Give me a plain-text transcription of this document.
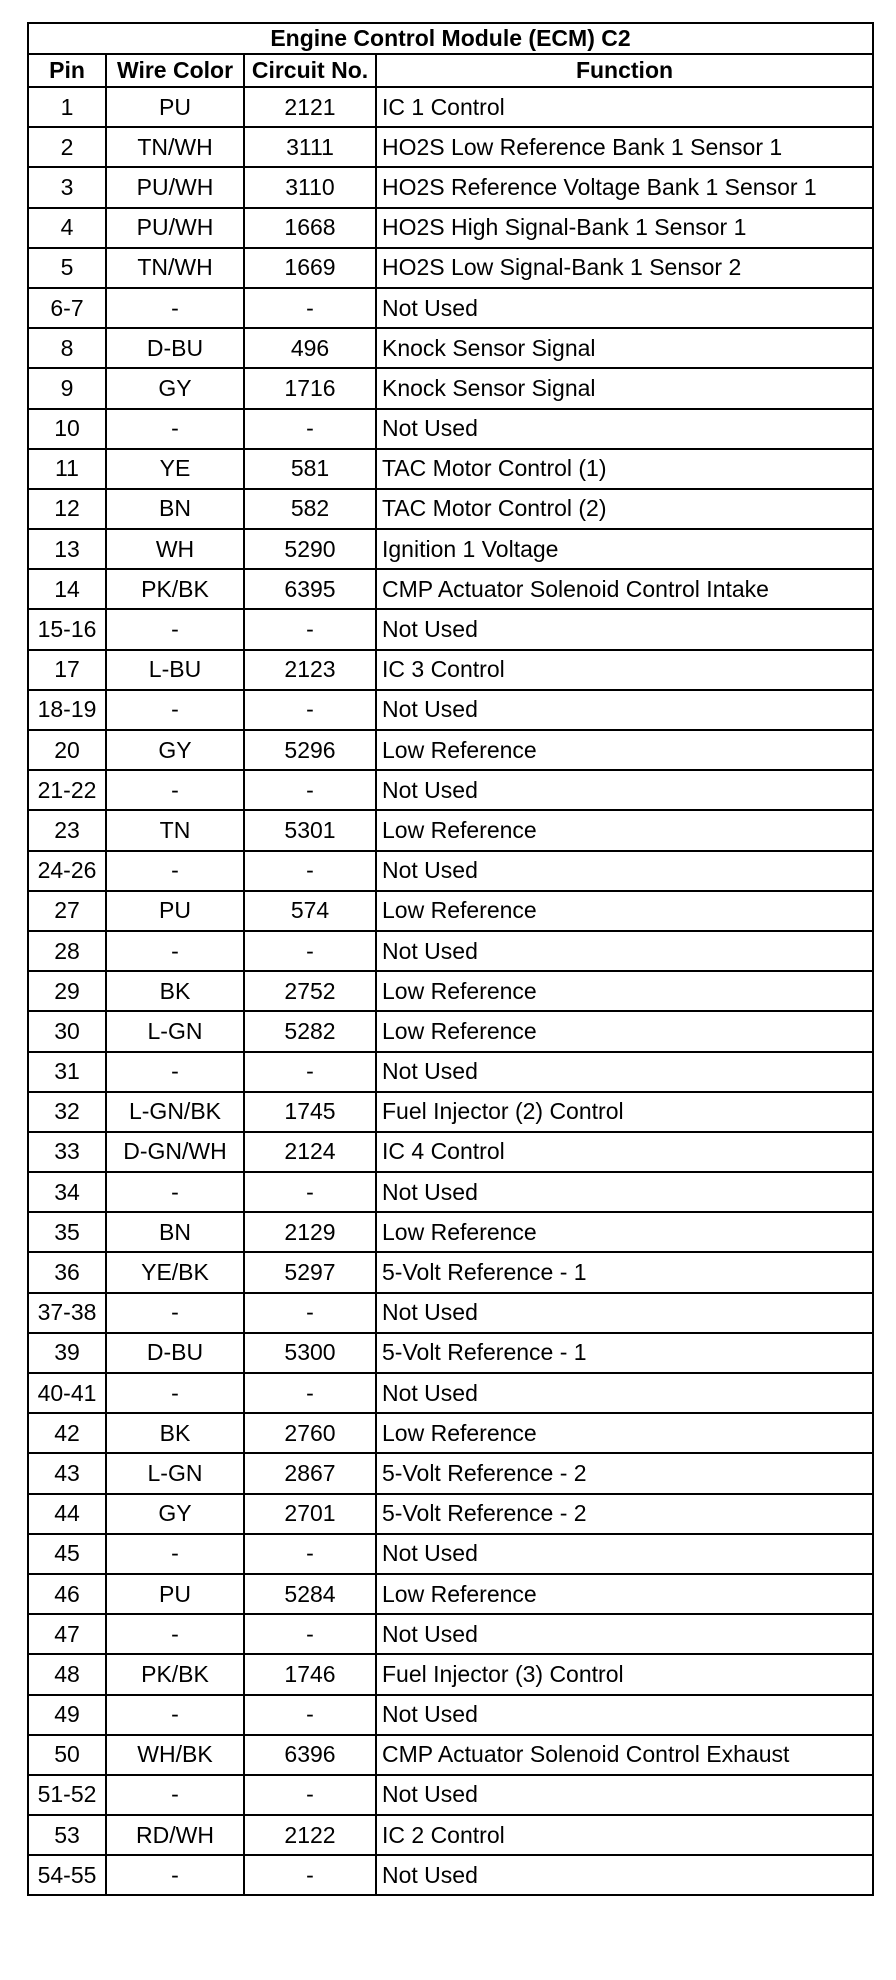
Engine Control Module (ECM) C2			
Pin	Wire Color	Circuit No.	Function
1	PU	2121	IC 1 Control
2	TN/WH	3111	HO2S Low Reference Bank 1 Sensor 1
3	PU/WH	3110	HO2S Reference Voltage Bank 1 Sensor 1
4	PU/WH	1668	HO2S High Signal-Bank 1 Sensor 1
5	TN/WH	1669	HO2S Low Signal-Bank 1 Sensor 2
6-7	-	-	Not Used
8	D-BU	496	Knock Sensor Signal
9	GY	1716	Knock Sensor Signal
10	-	-	Not Used
11	YE	581	TAC Motor Control (1)
12	BN	582	TAC Motor Control (2)
13	WH	5290	Ignition 1 Voltage
14	PK/BK	6395	CMP Actuator Solenoid Control Intake
15-16	-	-	Not Used
17	L-BU	2123	IC 3 Control
18-19	-	-	Not Used
20	GY	5296	Low Reference
21-22	-	-	Not Used
23	TN	5301	Low Reference
24-26	-	-	Not Used
27	PU	574	Low Reference
28	-	-	Not Used
29	BK	2752	Low Reference
30	L-GN	5282	Low Reference
31	-	-	Not Used
32	L-GN/BK	1745	Fuel Injector (2) Control
33	D-GN/WH	2124	IC 4 Control
34	-	-	Not Used
35	BN	2129	Low Reference
36	YE/BK	5297	5-Volt Reference - 1
37-38	-	-	Not Used
39	D-BU	5300	5-Volt Reference - 1
40-41	-	-	Not Used
42	BK	2760	Low Reference
43	L-GN	2867	5-Volt Reference - 2
44	GY	2701	5-Volt Reference - 2
45	-	-	Not Used
46	PU	5284	Low Reference
47	-	-	Not Used
48	PK/BK	1746	Fuel Injector (3) Control
49	-	-	Not Used
50	WH/BK	6396	CMP Actuator Solenoid Control Exhaust
51-52	-	-	Not Used
53	RD/WH	2122	IC 2 Control
54-55	-	-	Not Used
